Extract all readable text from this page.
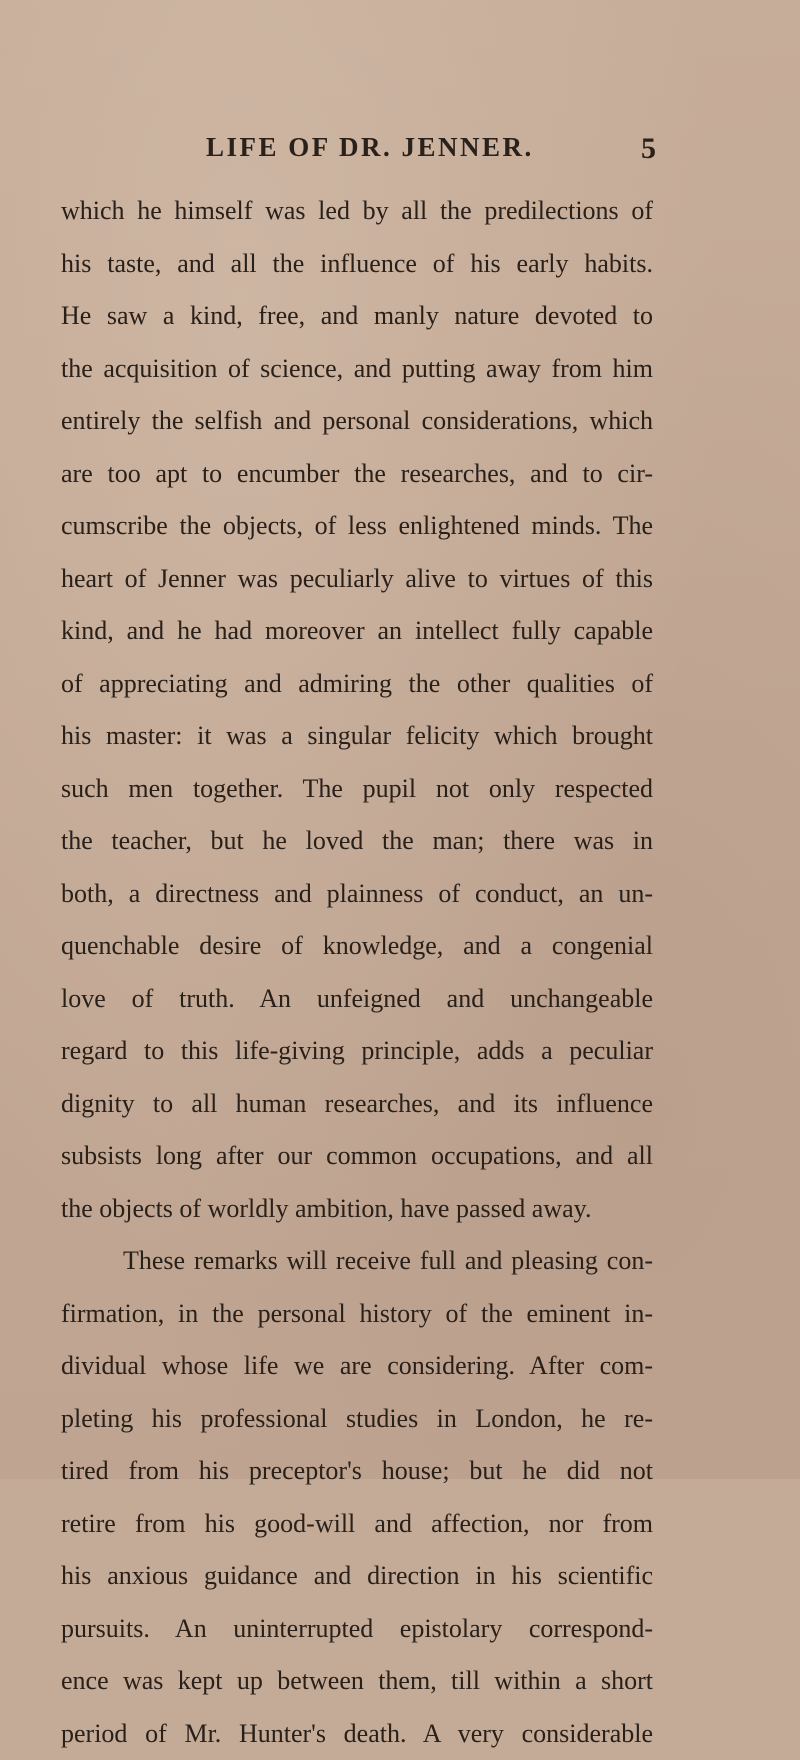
LIFE OF DR. JENNER.	5
which he himself was led by all the predilections of
his taste, and all the influence of his early habits.
He saw a kind, free, and manly nature devoted to
the acquisition of science, and putting away from him
entirely the selfish and personal considerations, which
are too apt to encumber the researches, and to cir-
cumscribe the objects, of less enlightened minds. The
heart of Jenner was peculiarly alive to virtues of this
kind, and he had moreover an intellect fully capable
of appreciating and admiring the other qualities of
his master: it was a singular felicity which brought
such men together. The pupil not only respected
the teacher, but he loved the man; there was in
both, a directness and plainness of conduct, an un-
quenchable desire of knowledge, and a congenial
love of truth. An unfeigned and unchangeable
regard to this life-giving principle, adds a peculiar
dignity to all human researches, and its influence
subsists long after our common occupations, and all
the objects of worldly ambition, have passed away.
These remarks will receive full and pleasing con-
firmation, in the personal history of the eminent in-
dividual whose life we are considering. After com-
pleting his professional studies in London, he re-
tired from his preceptor's house; but he did not
retire from his good-will and affection, nor from
his anxious guidance and direction in his scientific
pursuits. An uninterrupted epistolary correspond-
ence was kept up between them, till within a short
period of Mr. Hunter's death. A very considerable
